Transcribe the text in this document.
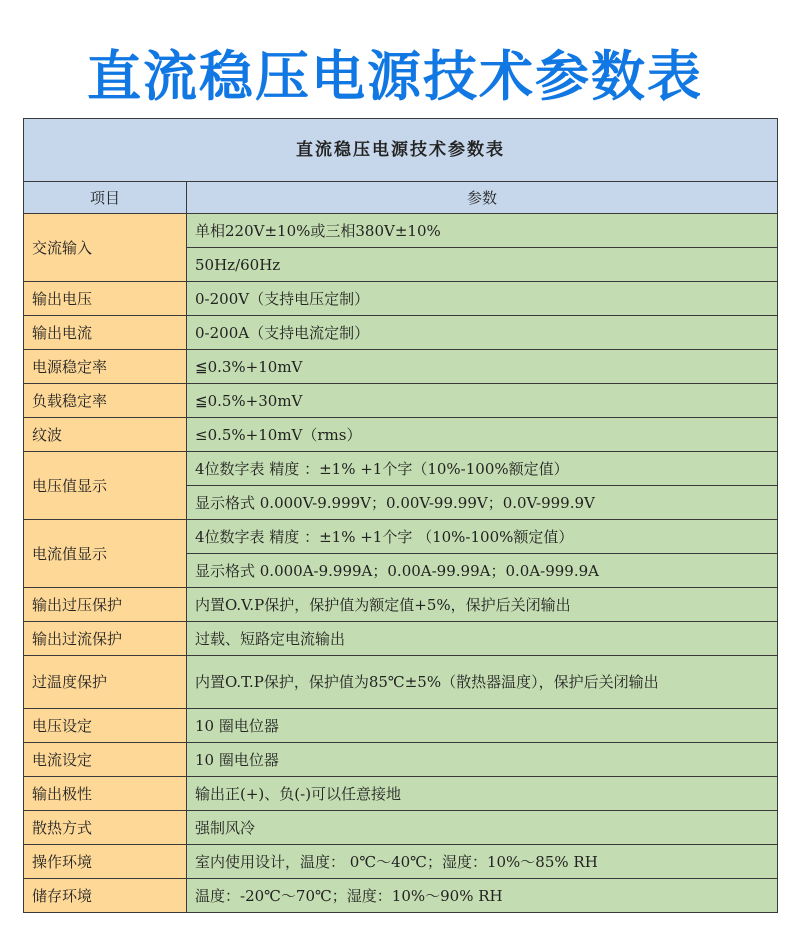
直流稳压电源技术参数表
直流稳压电源技术参数表	
项目	参数
交流输入	单相220V±10%或三相380V±10%
	50Hz/60Hz
输出电压	0-200V（支持电压定制）
输出电流	0-200A（支持电流定制）
电源稳定率	≦0.3%+10mV
负载稳定率	≦0.5%+30mV
纹波	≤0.5%+10mV（rms）
电压值显示	4位数字表 精度 ：±1% +1个字（10%-100%额定值）
	显示格式 0.000V-9.999V；0.00V-99.99V；0.0V-999.9V
电流值显示	4位数字表 精度 ：±1% +1个字 （10%-100%额定值）
	显示格式 0.000A-9.999A；0.00A-99.99A；0.0A-999.9A
输出过压保护	内置O.V.P保护，保护值为额定值+5%，保护后关闭输出
输出过流保护	过载、短路定电流输出
过温度保护	内置O.T.P保护，保护值为85℃±5%（散热器温度），保护后关闭输出
电压设定	10 圈电位器
电流设定	10 圈电位器
输出极性	输出正(+)、负(-)可以任意接地
散热方式	强制风冷
操作环境	室内使用设计，温度： 0℃～40℃；湿度：10%～85% RH
储存环境	温度：-20℃～70℃；湿度：10%～90% RH
